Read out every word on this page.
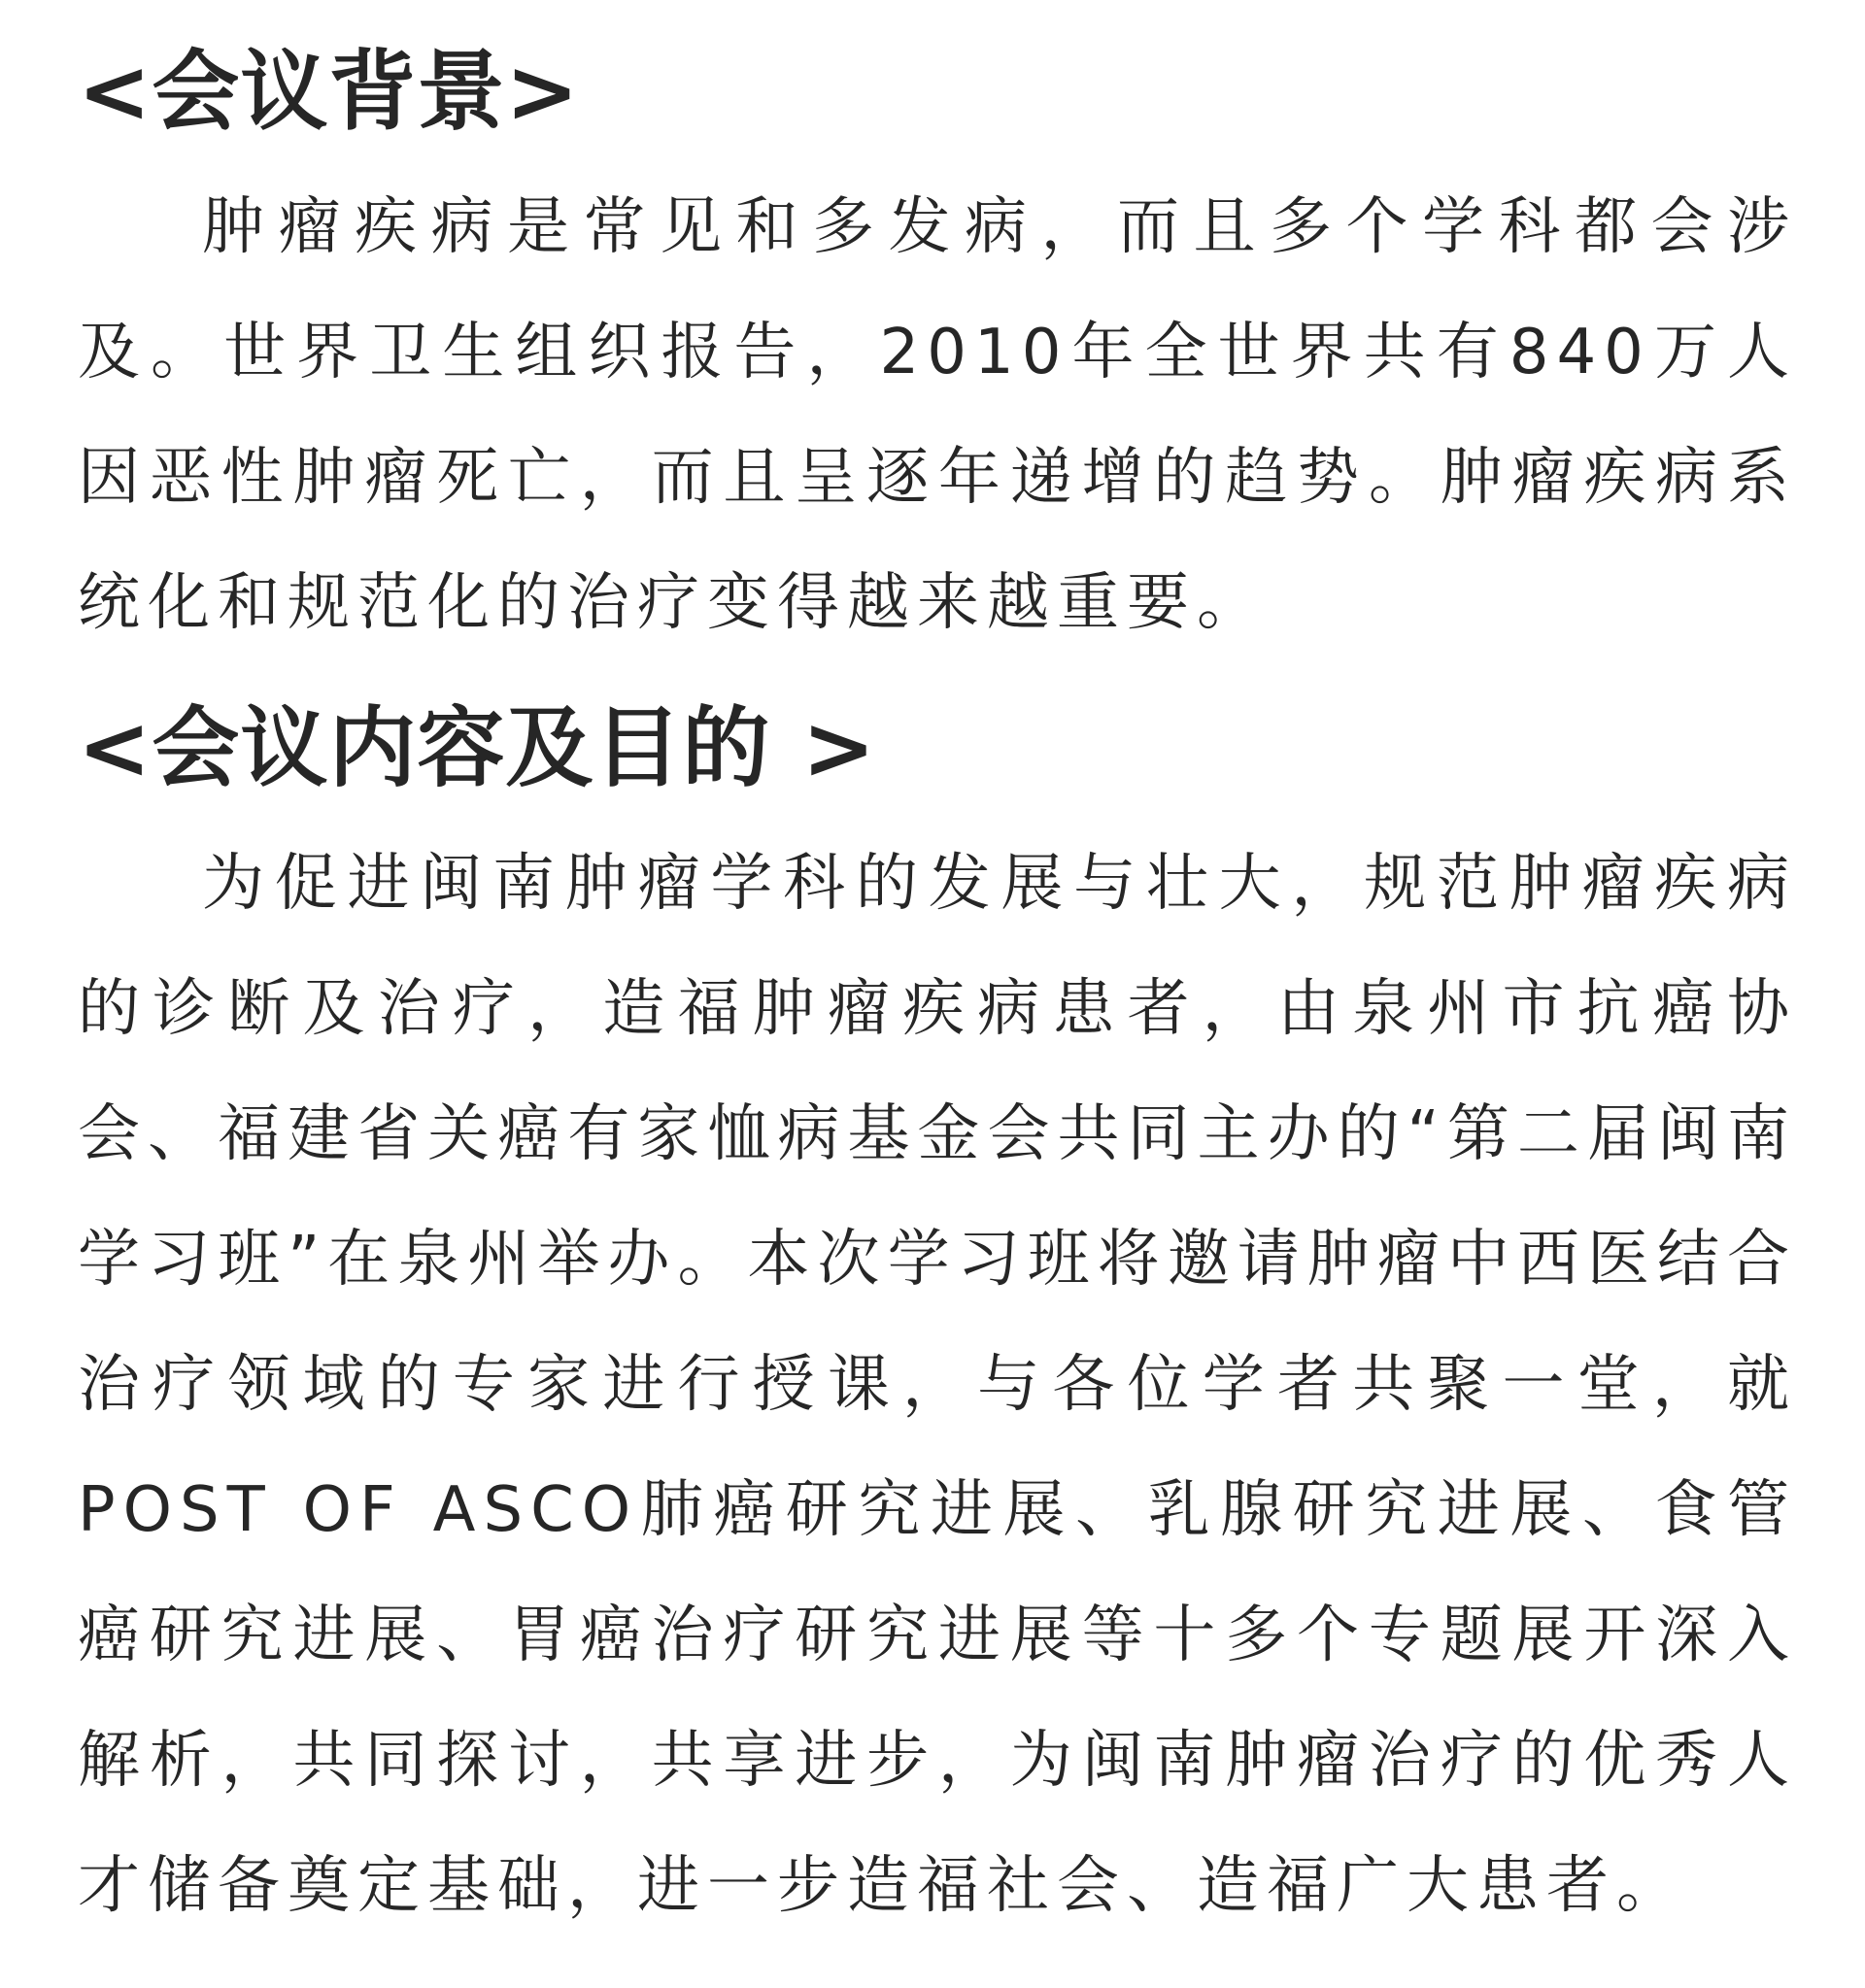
<会议背景>

肿瘤疾病是常见和多发病，而且多个学科都会涉及。世界卫生组织报告，2010年全世界共有840万人因恶性肿瘤死亡，而且呈逐年递增的趋势。肿瘤疾病系统化和规范化的治疗变得越来越重要。

<会议内容及目的 >

为促进闽南肿瘤学科的发展与壮大，规范肿瘤疾病的诊断及治疗，造福肿瘤疾病患者，由泉州市抗癌协会、福建省关癌有家恤病基金会共同主办的“第二届闽南学习班”在泉州举办。本次学习班将邀请肿瘤中西医结合治疗领域的专家进行授课，与各位学者共聚一堂，就POST OF ASCO肺癌研究进展、乳腺研究进展、食管癌研究进展、胃癌治疗研究进展等十多个专题展开深入解析，共同探讨，共享进步，为闽南肿瘤治疗的优秀人才储备奠定基础，进一步造福社会、造福广大患者。
